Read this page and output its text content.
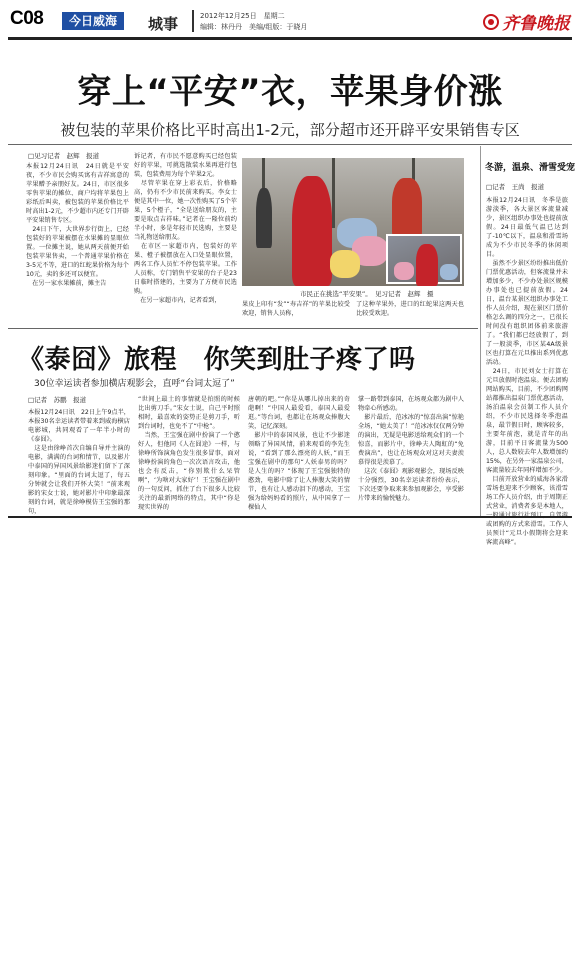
C08	今日威海	城事	2012年12月25日　星期二
编辑：林丹丹　美编/组版：于晓月	齐鲁晚报
穿上“平安”衣，苹果身价涨
被包装的苹果价格比平时高出1-2元，部分超市还开辟平安果销售专区
□见习记者　赵辉　报道
本报12月24日讯　24日就是平安夜，不少市民会购买寓有吉祥寓意的苹果赠予亲朋好友。24日，市区很多零售苹果的摊位、商户均将苹果包上彩纸后叫卖，被包装的苹果价格比平时高出1-2元，不少超市内还专门开辟平安果销售专区。
　24日下午，大世界步行街上，已经包装好的苹果被摆在水果摊的显眼位置。一位摊主说，她从两天前便开始包装苹果售卖，一个普通苹果价格在3-5元不等，进口的红蛇果价格为每个10元，卖的多还可以便宜。
　在另一家水果摊前，摊主告
诉记者，有市民不愿意购买已经包装好的苹果，可挑选散装水果再进行包装，包装费用为每个苹果2元。
　尽管苹果在穿上彩衣后，价格略高，仍有不少市民前来购买。李女士便是其中一位，她一次性购买了5个苹果，5个橙子，“全是送给朋友的，主要是取点吉祥味。”记者在一隆位前约半小时，多是年轻市民选购，主要是当礼物送给朋友。
　在市区一家超市内，包装好的苹果、橙子被摆放在入口处显眼位置，两名工作人员忙不停包装苹果。工作人员称，专门销售平安果的台子是23日临时搭建的，主要为了方便市民选购。
　在另一家超市内，记者看到，
市民正在挑选“平安果”。　见习记者　赵辉　摄
果皮上印有“发”“寿吉祥”的苹果比较受欢迎，销售人员称，
了这种苹果外，进口的红蛇果这两天也比较受欢迎。
冬游，温泉、滑雪受宠
□记者　王尚　报道
本报12月24日讯　冬季是旅游淡季，各大景区客流量减少，景区组织办事处也提前放假。24日最低气温已达到了-10℃以下，温泉和滑雪场成为不少市民冬季的休闲项目。
　虽然不少景区纷纷推出低价门票优惠活动，但客流量并未增加多少，不少办处景区规模办事处也已提前放假。24日，温台某景区组织办事处工作人员介绍，现在景区门票价格怎么调的四分之一，已很长时间没有组织团体前来旅游了。“我们都已经放假了，到了一般淡季，市区某4A级景区也打算在元旦推出系列优惠活动。
　24日，市民刘女士打算在元旦放假时泡温泉。便去团购网站购买，目前，不少团购网站都推出温泉门票优惠活动，汤泊温泉会员制工作人员介绍，不少市民选择冬季泡温泉，最节假日时，顾客较多，主要年前泡，就是青年的出游，目前平日客流量为500人，总人数较去年人数增加约15%，在另外一家温泉公司，客流量较去年同样增加不少。
　目前开放营业的威海各家滑雪场也迎来不少顾客，该滑雪场工作人员介绍，由于周期正式营业，消费者多是本地人，一般通过旅行社预订，自驾游或团购的方式来滑雪。工作人员预计“元旦小假期将会迎来客流高峰”。
《泰囧》旅程　你笑到肚子疼了吗
30位幸运读者参加横店观影会，直呼“台词太逗了”
□记者　苏鹏　报道
本报12月24日讯　22日上午9点半，本报30名幸运读者带着来到威海横店电影城，共同观看了一年半小时的《泰囧》。
　这是由徐峥首次自编自导并主演的电影，满满的台词和情节，以及影片中泰国的异国风景给影迷们留下了深刻印象。“里面的台词太逗了，每五分钟就会让我们开怀大笑！”前来观影的宋女士说，她对影片中印象最深刻的台词，就是徐峥模仿王宝强的那句，
“世间上最土的事情就是拍照的时候比出剪刀手。”宋女士说，自己平时照相时，最喜欢的姿势正是剪刀手，听到台词时，也免不了“中枪”。
　当然，王宝强在剧中扮演了一个憨好人，但他同《人在囧途》一样，与徐峥所饰演角色发生很多冒事，面对徐峥扮演的角色一次次语言攻击，他也会有反击，“你别欺什么呆管啊”，‘为啥对大家好’！王宝强在剧中的一句反问，抓住了台下很多人比较关注的最新网络的特点，其中“你是现实世界的
唐朝的吧。”“你是从哪儿掉出来的奇葩啊！”中国人最爱看，泰国人最爱逛。”等台词，也都让在场观众捧腹大笑，记忆深刻。
　影片中的泰国风景，也让不少影迷领略了异国风情，前来观看的李先生说，“看到了那么漂亮的人妖，”而王宝强在剧中的那句“人妖泰男的吗？是人生的吗？”体现了王宝强独特的憨劲，电影中除了让人捧腹大笑的情节，也有让人感动泪下的感动，王宝强为给妈妈看的照片，从中国拿了一棵仙人
掌一路带到泰国，在场观众都为剧中人物牵心所感动。
　影片最后，范冰冰的“惊喜出演”惊艳全场，“她太美了！”范冰冰仅仅两分钟的演出，无疑是电影送给观众们的一个惊喜，而影片中，徐峥夫人陶虹的“免费演出”，也让在场观众对这对夫妻羡慕得很是羡慕了。
　这次《泰囧》观影观影会，现场反映十分强烈，30名幸运读者纷纷表示，下次还要争取来来参加观影会，享受影片带来的愉悦魅力。
